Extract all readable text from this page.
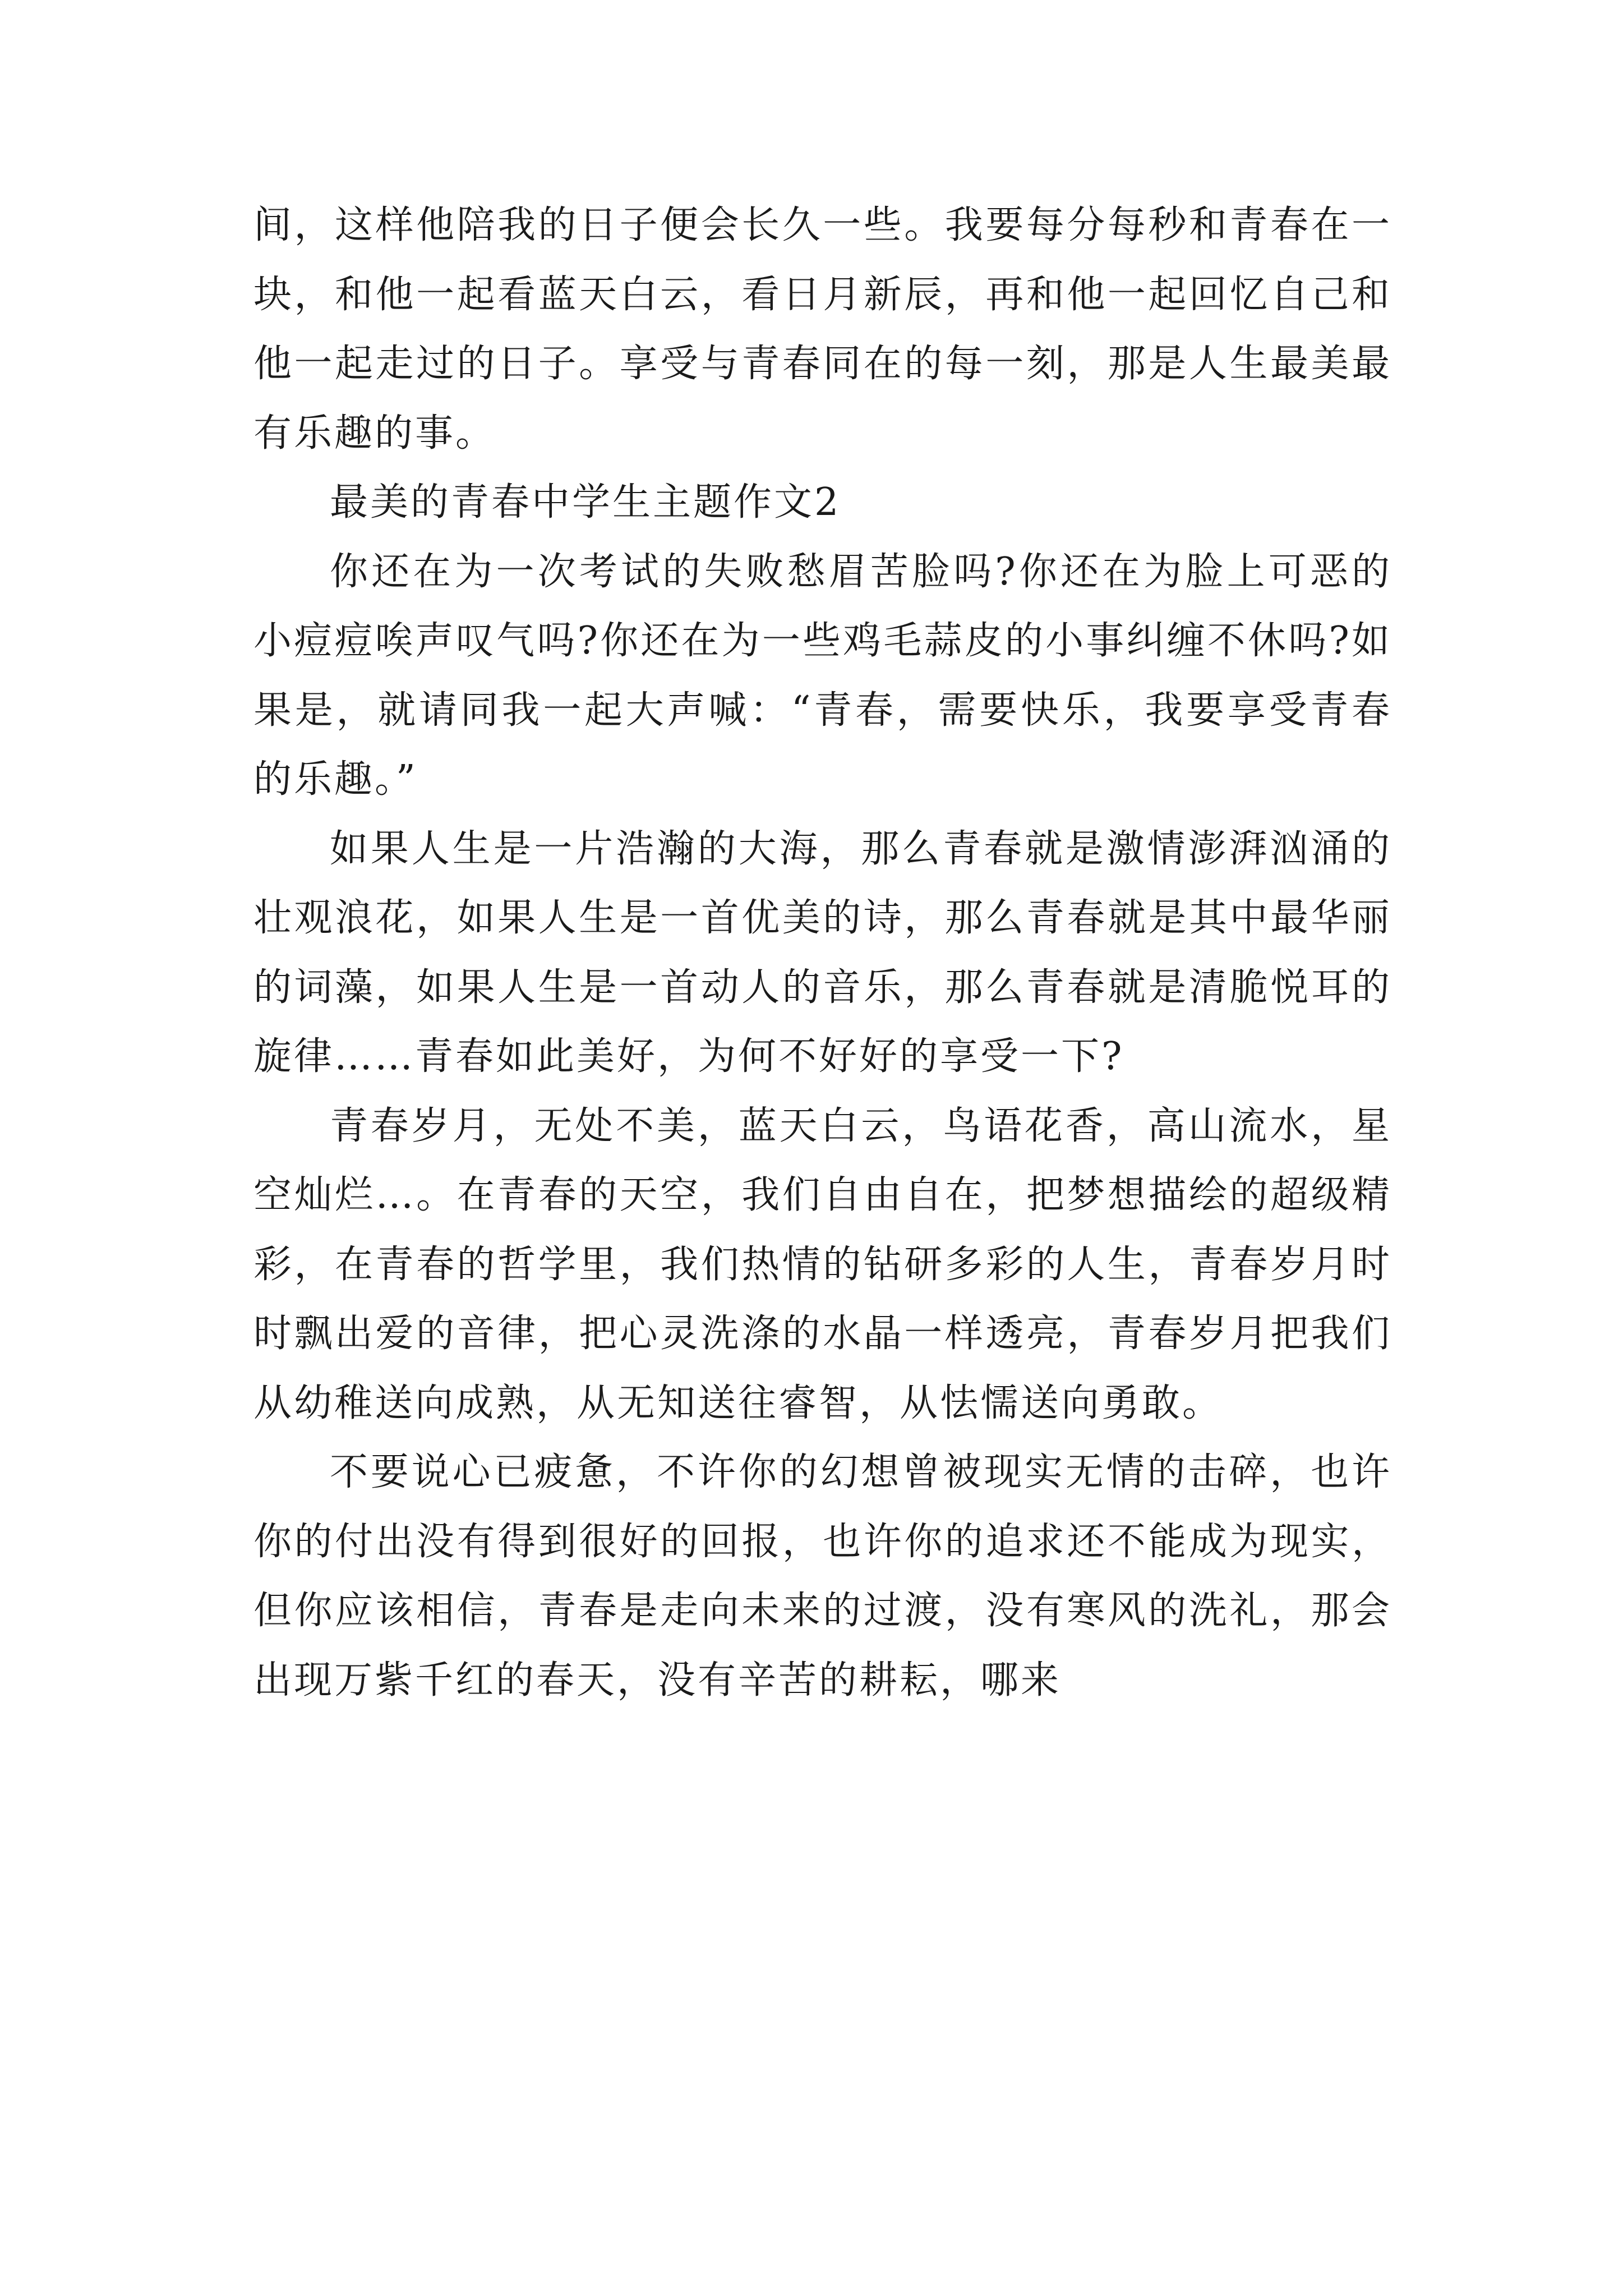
间，这样他陪我的日子便会长久一些。我要每分每秒和青春在一块，和他一起看蓝天白云，看日月新辰，再和他一起回忆自己和他一起走过的日子。享受与青春同在的每一刻，那是人生最美最有乐趣的事。

最美的青春中学生主题作文2

你还在为一次考试的失败愁眉苦脸吗?你还在为脸上可恶的小痘痘唉声叹气吗?你还在为一些鸡毛蒜皮的小事纠缠不休吗?如果是，就请同我一起大声喊：“青春，需要快乐，我要享受青春的乐趣。”

如果人生是一片浩瀚的大海，那么青春就是激情澎湃汹涌的壮观浪花，如果人生是一首优美的诗，那么青春就是其中最华丽的词藻，如果人生是一首动人的音乐，那么青春就是清脆悦耳的旋律……青春如此美好，为何不好好的享受一下?

青春岁月，无处不美，蓝天白云，鸟语花香，高山流水，星空灿烂…。在青春的天空，我们自由自在，把梦想描绘的超级精彩，在青春的哲学里，我们热情的钻研多彩的人生，青春岁月时时飘出爱的音律，把心灵洗涤的水晶一样透亮，青春岁月把我们从幼稚送向成熟，从无知送往睿智，从怯懦送向勇敢。

不要说心已疲惫，不许你的幻想曾被现实无情的击碎，也许你的付出没有得到很好的回报，也许你的追求还不能成为现实，但你应该相信，青春是走向未来的过渡，没有寒风的洗礼，那会出现万紫千红的春天，没有辛苦的耕耘，哪来
